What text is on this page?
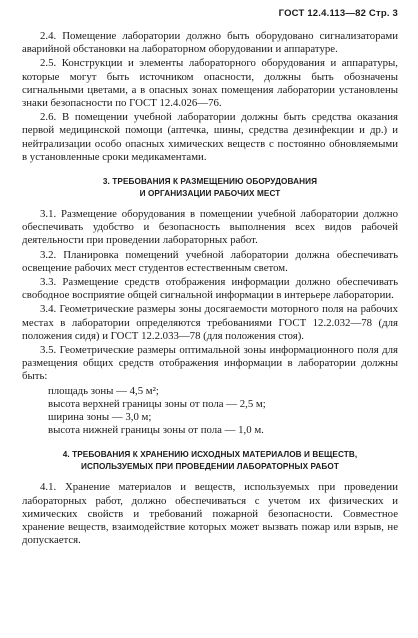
ГОСТ 12.4.113—82 Стр. 3

2.4. Помещение лаборатории должно быть оборудовано сигнализаторами аварийной обстановки на лабораторном оборудовании и аппаратуре.

2.5. Конструкции и элементы лабораторного оборудования и аппаратуры, которые могут быть источником опасности, должны быть обозначены сигнальными цветами, а в опасных зонах помещения лаборатории установлены знаки безопасности по ГОСТ 12.4.026—76.

2.6. В помещении учебной лаборатории должны быть средства оказания первой медицинской помощи (аптечка, шины, средства дезинфекции и др.) и нейтрализации особо опасных химических веществ с постоянно обновляемыми в установленные сроки медикаментами.

3. ТРЕБОВАНИЯ К РАЗМЕЩЕНИЮ ОБОРУДОВАНИЯ
И ОРГАНИЗАЦИИ РАБОЧИХ МЕСТ

3.1. Размещение оборудования в помещении учебной лаборатории должно обеспечивать удобство и безопасность выполнения всех видов рабочей деятельности при проведении лабораторных работ.

3.2. Планировка помещений учебной лаборатории должна обеспечивать освещение рабочих мест студентов естественным светом.

3.3. Размещение средств отображения информации должно обеспечивать свободное восприятие общей сигнальной информации в интерьере лаборатории.

3.4. Геометрические размеры зоны досягаемости моторного поля на рабочих местах в лаборатории определяются требованиями ГОСТ 12.2.032—78 (для положения сидя) и ГОСТ 12.2.033—78 (для положения стоя).

3.5. Геометрические размеры оптимальной зоны информационного поля для размещения общих средств отображения информации в лаборатории должны быть:

площадь зоны — 4,5 м²;

высота верхней границы зоны от пола — 2,5 м;

ширина зоны — 3,0 м;

высота нижней границы зоны от пола — 1,0 м.

4. ТРЕБОВАНИЯ К ХРАНЕНИЮ ИСХОДНЫХ МАТЕРИАЛОВ И ВЕЩЕСТВ,
ИСПОЛЬЗУЕМЫХ ПРИ ПРОВЕДЕНИИ ЛАБОРАТОРНЫХ РАБОТ

4.1. Хранение материалов и веществ, используемых при проведении лабораторных работ, должно обеспечиваться с учетом их физических и химических свойств и требований пожарной безопасности. Совместное хранение веществ, взаимодействие которых может вызвать пожар или взрыв, не допускается.
